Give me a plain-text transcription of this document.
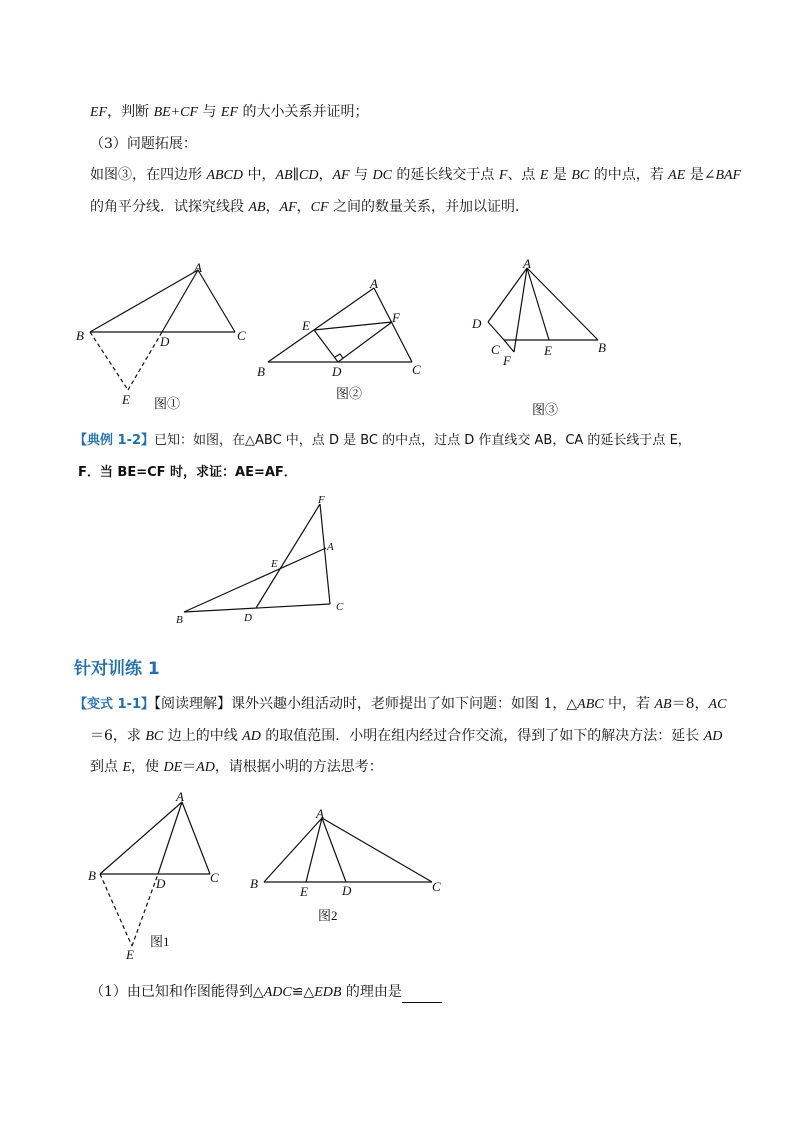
EF，判断 BE+CF 与 EF 的大小关系并证明；
（3）问题拓展：
如图③，在四边形 ABCD 中，AB∥CD，AF 与 DC 的延长线交于点 F、点 E 是 BC 的中点，若 AE 是∠BAF
的角平分线．试探究线段 AB，AF，CF 之间的数量关系，并加以证明．
A
B	C
D
E 图①
A
B	C
D
E
F
图②
A
B
C
D
E
F
图③
【典例 1-2】已知：如图，在△ABC 中，点 D 是 BC 的中点，过点 D 作直线交 AB，CA 的延长线于点 E，
F．当 BE=CF 时，求证：AE=AF．
F
A
E
C
B	D
针对训练 1
【变式 1-1】【阅读理解】课外兴趣小组活动时，老师提出了如下问题：如图 1，△ABC 中，若 AB＝8，AC
＝6，求 BC 边上的中线 AD 的取值范围．小明在组内经过合作交流，得到了如下的解决方法：延长 AD
到点 E，使 DE＝AD，请根据小明的方法思考：
A
B	C
D
E
图1
A
B	C
D
E
图2
（1）由已知和作图能得到△ADC≌△EDB 的理由是
